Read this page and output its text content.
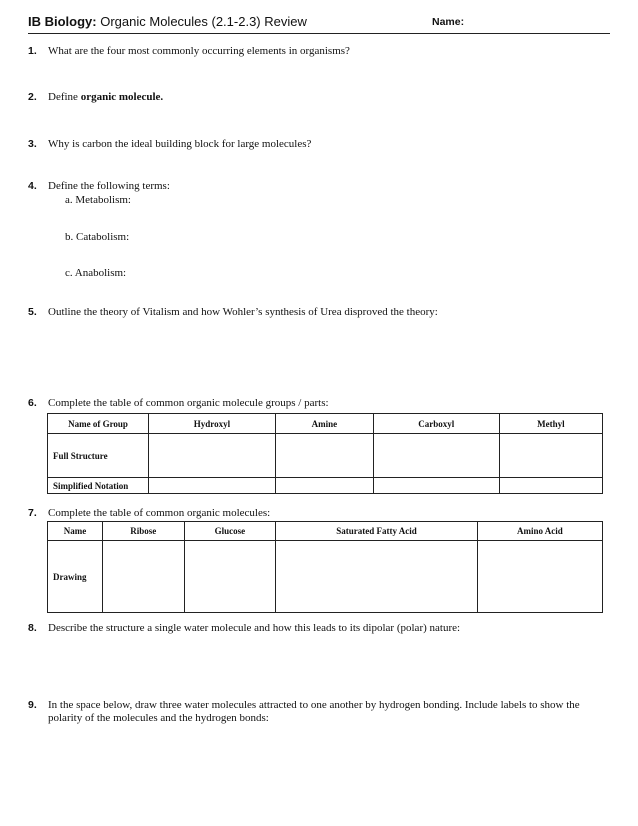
IB Biology: Organic Molecules (2.1-2.3) Review	Name:
1. What are the four most commonly occurring elements in organisms?
2. Define organic molecule.
3. Why is carbon the ideal building block for large molecules?
4. Define the following terms:
a. Metabolism:
b. Catabolism:
c. Anabolism:
5. Outline the theory of Vitalism and how Wohler’s synthesis of Urea disproved the theory:
6. Complete the table of common organic molecule groups / parts:
Name of Group	Hydroxyl	Amine	Carboxyl	Methyl
Full Structure				
Simplified Notation				
7. Complete the table of common organic molecules:
Name	Ribose	Glucose	Saturated Fatty Acid	Amino Acid
Drawing				
8. Describe the structure a single water molecule and how this leads to its dipolar (polar) nature:
9. In the space below, draw three water molecules attracted to one another by hydrogen bonding. Include labels to show the polarity of the molecules and the hydrogen bonds:
